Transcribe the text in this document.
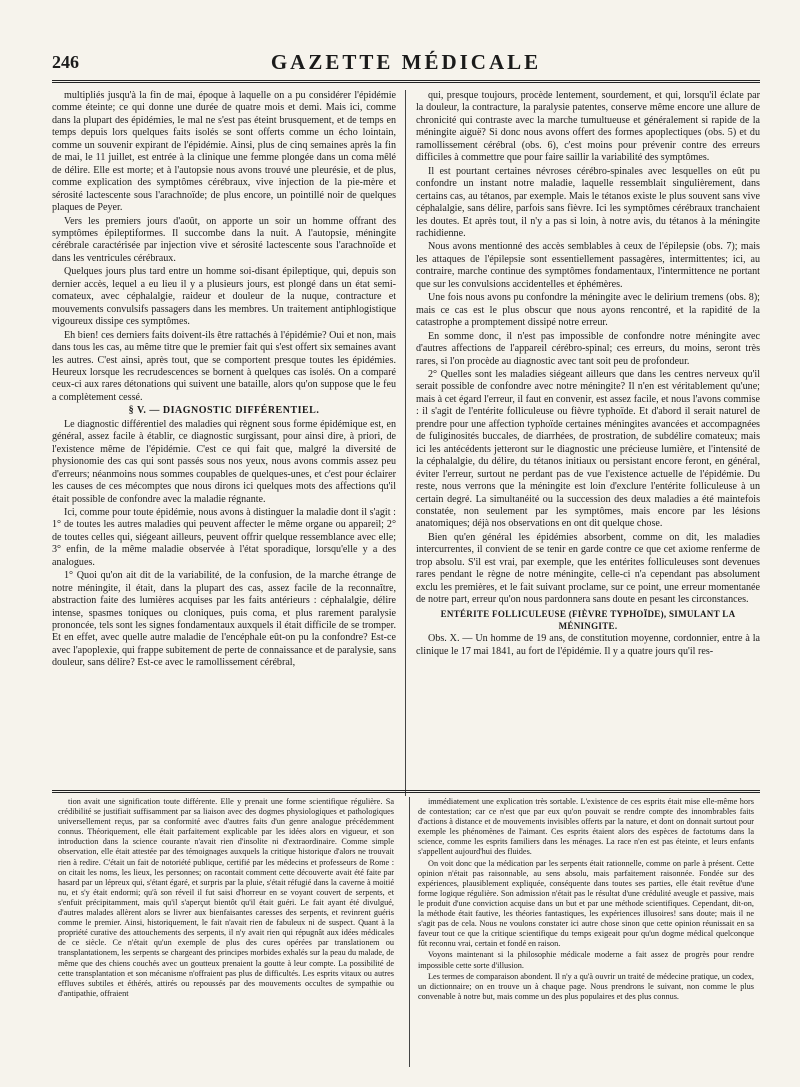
246	GAZETTE MÉDICALE

multipliés jusqu'à la fin de mai, époque à laquelle on a pu considérer l'épidémie comme éteinte; ce qui donne une durée de quatre mois et demi. Mais ici, comme dans la plupart des épidémies, le mal ne s'est pas éteint brusquement, et de temps en temps depuis lors quelques faits isolés se sont offerts comme un écho lointain, comme un souvenir expirant de l'épidémie. Ainsi, plus de cinq semaines après la fin de mai, le 11 juillet, est entrée à la clinique une femme plongée dans un coma mêlé de délire. Elle est morte; et à l'autopsie nous avons trouvé une pleurésie, et de plus, comme explication des symptômes cérébraux, vive injection de la pie-mère et sérosité lactescente sous l'arachnoïde; de plus encore, un pointillé noir de quelques plaques de Peyer.

Vers les premiers jours d'août, on apporte un soir un homme offrant des symptômes épileptiformes. Il succombe dans la nuit. A l'autopsie, méningite cérébrale caractérisée par injection vive et sérosité lactescente sous l'arachnoïde et dans les ventricules cérébraux.

Quelques jours plus tard entre un homme soi-disant épileptique, qui, depuis son dernier accès, lequel a eu lieu il y a plusieurs jours, est plongé dans un état semi-comateux, avec céphalalgie, raideur et douleur de la nuque, contracture et mouvements convulsifs passagers dans les membres. Un traitement antiphlogistique vigoureux dissipe ces symptômes.

Eh bien! ces derniers faits doivent-ils être rattachés à l'épidémie? Oui et non, mais dans tous les cas, au même titre que le premier fait qui s'est offert six semaines avant les autres. C'est ainsi, après tout, que se comportent presque toutes les épidémies. Heureux lorsque les recrudescences se bornent à quelques cas isolés. On a comparé ceux-ci aux rares détonations qui suivent une bataille, alors qu'on suppose que le feu a complètement cessé.

§ V. — DIAGNOSTIC DIFFÉRENTIEL.

Le diagnostic différentiel des maladies qui règnent sous forme épidémique est, en général, assez facile à établir, ce diagnostic surgissant, pour ainsi dire, à priori, de l'existence même de l'épidémie. C'est ce qui fait que, malgré la diversité de physionomie des cas qui sont passés sous nos yeux, nous avons commis assez peu d'erreurs; néanmoins nous sommes coupables de quelques-unes, et c'est pour éclairer les causes de ces mécomptes que nous dirons ici quelques mots des affections qu'il était possible de confondre avec la maladie régnante.

Ici, comme pour toute épidémie, nous avons à distinguer la maladie dont il s'agit : 1° de toutes les autres maladies qui peuvent affecter le même organe ou appareil; 2° de toutes celles qui, siégeant ailleurs, peuvent offrir quelque ressemblance avec elle; 3° enfin, de la même maladie observée à l'état sporadique, lorsqu'elle y a des analogues.

1° Quoi qu'on ait dit de la variabilité, de la confusion, de la marche étrange de notre méningite, il était, dans la plupart des cas, assez facile de la reconnaître, abstraction faite des lumières acquises par les faits antérieurs : céphalalgie, délire intense, spasmes toniques ou cloniques, puis coma, et plus rarement paralysie prononcée, tels sont les signes fondamentaux auxquels il était difficile de se tromper. Et en effet, avec quelle autre maladie de l'encéphale eût-on pu la confondre? Est-ce avec l'apoplexie, qui frappe subitement de perte de connaissance et de paralysie, sans douleur, sans délire? Est-ce avec le ramollissement cérébral,

qui, presque toujours, procède lentement, sourdement, et qui, lorsqu'il éclate par la douleur, la contracture, la paralysie patentes, conserve même encore une allure de chronicité qui contraste avec la marche tumultueuse et généralement si rapide de la méningite aiguë? Si donc nous avons offert des formes apoplectiques (obs. 5) et du ramollissement cérébral (obs. 6), c'est moins pour prévenir contre des erreurs difficiles à commettre que pour faire saillir la variabilité des symptômes.

Il est pourtant certaines névroses cérébro-spinales avec lesquelles on eût pu confondre un instant notre maladie, laquelle ressemblait singulièrement, dans certains cas, au tétanos, par exemple. Mais le tétanos existe le plus souvent sans vive céphalalgie, sans délire, parfois sans fièvre. Ici les symptômes cérébraux tranchaient les doutes. Et après tout, il n'y a pas si loin, à notre avis, du tétanos à la méningite rachidienne.

Nous avons mentionné des accès semblables à ceux de l'épilepsie (obs. 7); mais les attaques de l'épilepsie sont essentiellement passagères, intermittentes; ici, au contraire, marche continue des symptômes fondamentaux, l'intermittence ne portant que sur les convulsions accidentelles et éphémères.

Une fois nous avons pu confondre la méningite avec le delirium tremens (obs. 8); mais ce cas est le plus obscur que nous ayons rencontré, et la rapidité de la catastrophe a promptement dissipé notre erreur.

En somme donc, il n'est pas impossible de confondre notre méningite avec d'autres affections de l'appareil cérébro-spinal; ces erreurs, du moins, seront très rares, si l'on procède au diagnostic avec tant soit peu de profondeur.

2° Quelles sont les maladies siégeant ailleurs que dans les centres nerveux qu'il serait possible de confondre avec notre méningite? Il n'en est véritablement qu'une; mais à cet égard l'erreur, il faut en convenir, est assez facile, et nous l'avons commise : il s'agit de l'entérite folliculeuse ou fièvre typhoïde. Et d'abord il serait naturel de prendre pour une affection typhoïde certaines méningites avancées et accompagnées de fuliginosités buccales, de diarrhées, de prostration, de subdélire comateux; mais ici les antécédents jetteront sur le diagnostic une précieuse lumière, et l'intensité de la céphalalgie, du délire, du tétanos initiaux ou persistant encore feront, en général, éviter l'erreur, surtout ne perdant pas de vue l'existence actuelle de l'épidémie. Du reste, nous verrons que la méningite est loin d'exclure l'entérite folliculeuse à un certain degré. La simultanéité ou la succession des deux maladies a été maintefois constatée, non seulement par les symptômes, mais encore par les lésions anatomiques; déjà nos observations en ont dit quelque chose.

Bien qu'en général les épidémies absorbent, comme on dit, les maladies intercurrentes, il convient de se tenir en garde contre ce que cet axiome renferme de trop absolu. S'il est vrai, par exemple, que les entérites folliculeuses sont devenues rares pendant le règne de notre méningite, celle-ci n'a cependant pas absolument exclu les premières, et le fait suivant proclame, sur ce point, une erreur momentanée de notre part, erreur qu'on nous pardonnera sans doute en pesant les circonstances.

ENTÉRITE FOLLICULEUSE (FIÈVRE TYPHOÏDE), SIMULANT LA MÉNINGITE.

Obs. X. — Un homme de 19 ans, de constitution moyenne, cordonnier, entre à la clinique le 17 mai 1841, au fort de l'épidémie. Il y a quatre jours qu'il res-

tion avait une signification toute différente. Elle y prenait une forme scientifique régulière. Sa crédibilité se justifiait suffisamment par sa liaison avec des dogmes physiologiques et pathologiques universellement reçus, par sa conformité avec d'autres faits d'un genre analogue précédemment connus. Théoriquement, elle était parfaitement explicable par les idées alors en vigueur, et son introduction dans la science courante n'avait rien d'insolite ni d'extraordinaire. Comme simple observation, elle était attestée par des témoignages auxquels la critique historique d'alors ne trouvait rien à redire. C'était un fait de notoriété publique, certifié par les médecins et professeurs de Rome : on citait les noms, les lieux, les personnes; on racontait comment cette découverte avait été faite par hasard par un lépreux qui, s'étant égaré, et surpris par la pluie, s'était réfugié dans la caverne à moitié nu, et s'y était endormi; qu'à son réveil il fut saisi d'horreur en se voyant couvert de serpents, et s'enfuit précipitamment, mais qu'il s'aperçut bientôt qu'il était guéri. Le fait ayant été divulgué, d'autres malades allèrent alors se livrer aux bienfaisantes caresses des serpents, et revinrent guéris comme le premier. Ainsi, historiquement, le fait n'avait rien de fabuleux ni de suspect. Quant à la propriété curative des attouchements des serpents, il n'y avait rien qui répugnât aux idées médicales de ce siècle. Ce n'était qu'un exemple de plus des cures opérées par translationem ou transplantationem, les serpents se chargeant des principes morbides exhalés sur la peau du malade, de même que des chiens couchés avec un goutteux prenaient la goutte à leur compte. La possibilité de cette transplantation et son mécanisme n'offraient pas plus de difficultés. Les esprits vitaux ou autres effluves subtiles et éthérés, attirés ou repoussés par des mouvements occultes de sympathie ou d'antipathie, offraient

immédiatement une explication très sortable. L'existence de ces esprits était mise elle-même hors de contestation; car ce n'est que par eux qu'on pouvait se rendre compte des innombrables faits d'actions à distance et de mouvements invisibles offerts par la nature, et dont on donnait surtout pour exemple les phénomènes de l'aimant. Ces esprits étaient alors des espèces de factotums dans la science, comme les esprits familiers dans les ménages. La race n'en est pas éteinte, et leurs enfants s'appellent aujourd'hui des fluides.

On voit donc que la médication par les serpents était rationnelle, comme on parle à présent. Cette opinion n'était pas raisonnable, au sens absolu, mais parfaitement raisonnée. Fondée sur des expériences, plausiblement expliquée, conséquente dans toutes ses parties, elle était revêtue d'une forme logique régulière. Son admission n'était pas le résultat d'une crédulité aveugle et passive, mais le produit d'une conviction acquise dans un but et par une méthode scientifiques. Cependant, dit-on, la méthode était fautive, les théories fantastiques, les expériences illusoires! sans doute; mais il ne s'agit pas de cela. Nous ne voulons constater ici autre chose sinon que cette opinion réunissait en sa faveur tout ce que la critique scientifique du temps exigeait pour qu'un dogme médical quelconque fût reconnu vrai, certain et fondé en raison.

Voyons maintenant si la philosophie médicale moderne a fait assez de progrès pour rendre impossible cette sorte d'illusion.

Les termes de comparaison abondent. Il n'y a qu'à ouvrir un traité de médecine pratique, un codex, un dictionnaire; on en trouve un à chaque page. Nous prendrons le suivant, non comme le plus convenable à notre but, mais comme un des plus populaires et des plus connus.
